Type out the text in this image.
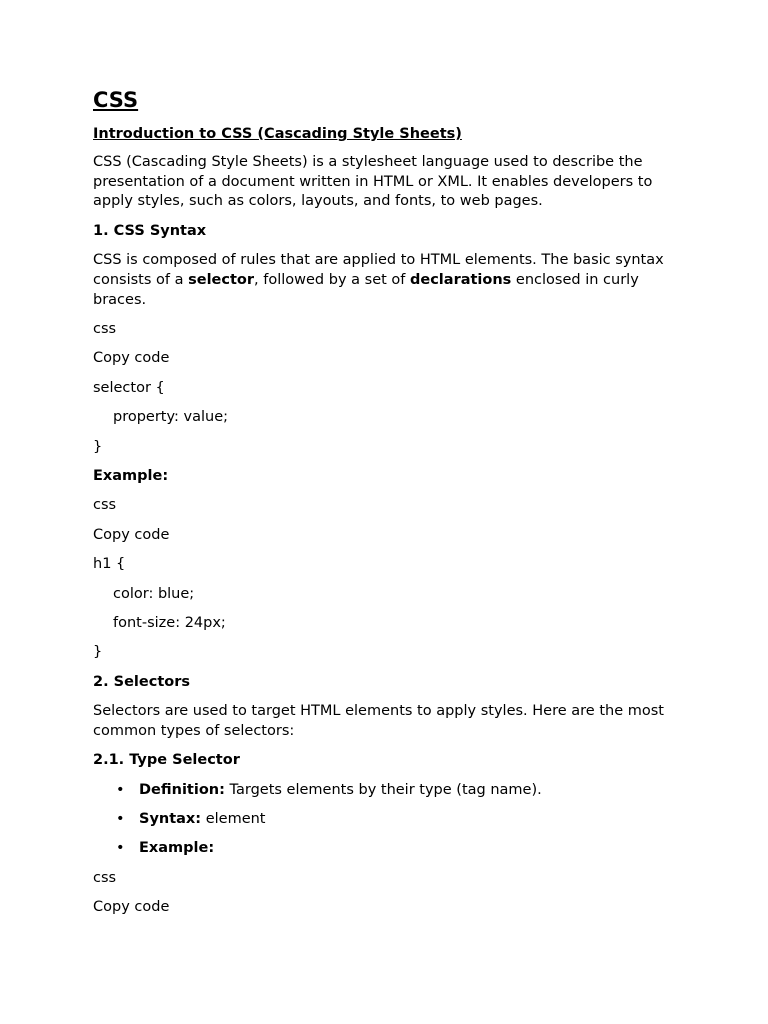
CSS
Introduction to CSS (Cascading Style Sheets)
CSS (Cascading Style Sheets) is a stylesheet language used to describe the presentation of a document written in HTML or XML. It enables developers to apply styles, such as colors, layouts, and fonts, to web pages.
1. CSS Syntax
CSS is composed of rules that are applied to HTML elements. The basic syntax consists of a selector, followed by a set of declarations enclosed in curly braces.
css
Copy code
selector {
property: value;
}
Example:
css
Copy code
h1 {
color: blue;
font-size: 24px;
}
2. Selectors
Selectors are used to target HTML elements to apply styles. Here are the most common types of selectors:
2.1. Type Selector
• Definition: Targets elements by their type (tag name).
• Syntax: element
• Example:
css
Copy code
